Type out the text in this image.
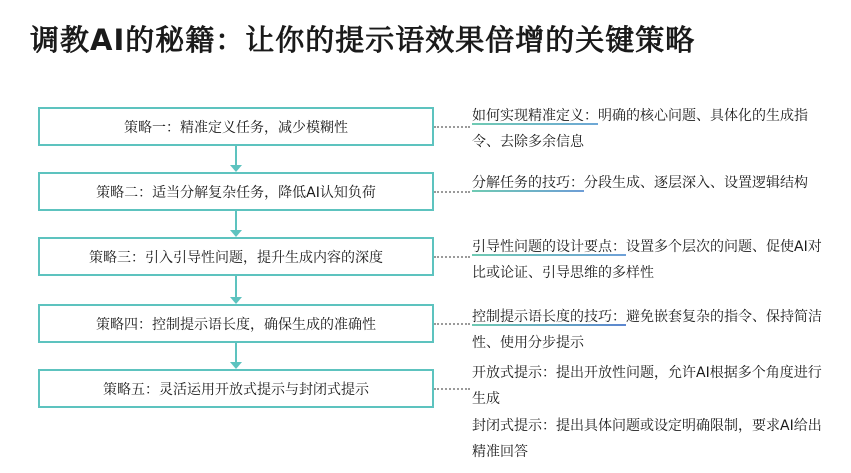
调教AI的秘籍：让你的提示语效果倍增的关键策略
策略一：精准定义任务，减少模糊性
策略二：适当分解复杂任务，降低AI认知负荷
策略三：引入引导性问题，提升生成内容的深度
策略四：控制提示语长度，确保生成的准确性
策略五：灵活运用开放式提示与封闭式提示
如何实现精准定义：明确的核心问题、具体化的生成指令、去除多余信息
分解任务的技巧：分段生成、逐层深入、设置逻辑结构
引导性问题的设计要点：设置多个层次的问题、促使AI对比或论证、引导思维的多样性
控制提示语长度的技巧：避免嵌套复杂的指令、保持简洁性、使用分步提示
开放式提示：提出开放性问题，允许AI根据多个角度进行生成
封闭式提示：提出具体问题或设定明确限制，要求AI给出精准回答
